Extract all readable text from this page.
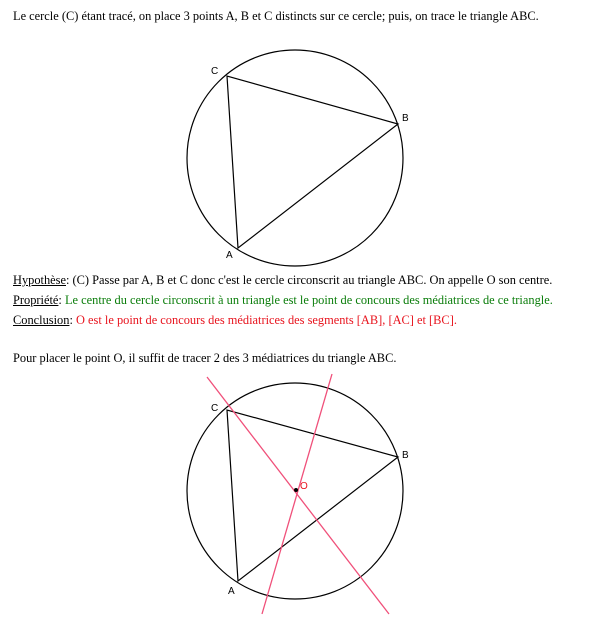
Le cercle (C) étant tracé, on place 3 points A, B et C distincts sur ce cercle; puis, on trace le triangle ABC.
Hypothèse: (C) Passe par A, B et C donc c'est le cercle circonscrit au triangle ABC. On appelle O son centre.
Propriété: Le centre du cercle circonscrit à un triangle est le point de concours des médiatrices de ce triangle.
Conclusion: O est le point de concours des médiatrices des segments [AB], [AC] et [BC].
Pour placer le point O, il suffit de tracer 2 des 3 médiatrices du triangle ABC.
C
B
A
C
B
A
O
